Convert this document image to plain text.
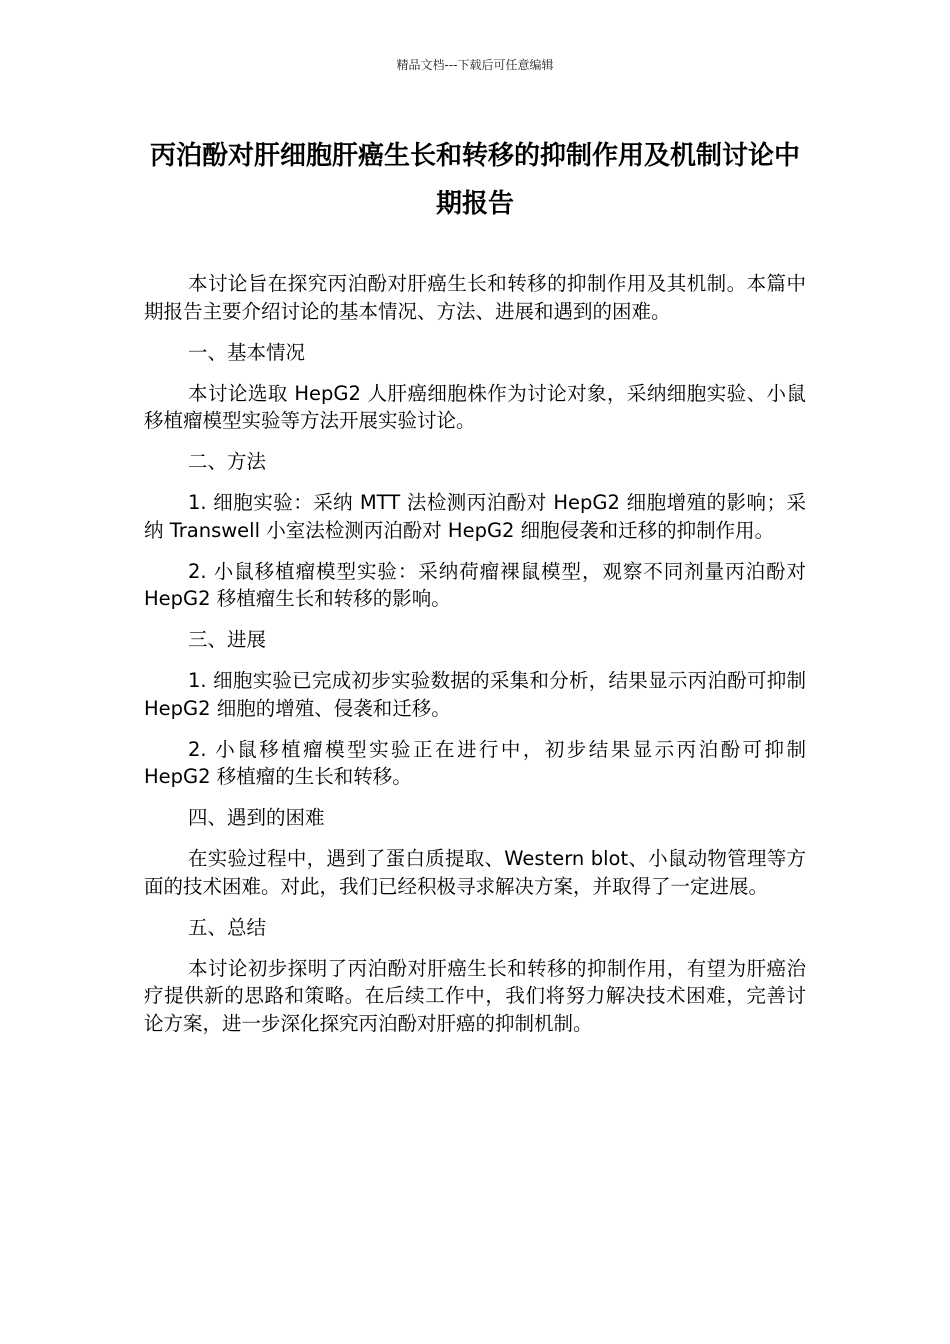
精品文档---下载后可任意编辑
丙泊酚对肝细胞肝癌生长和转移的抑制作用及机制讨论中期报告

本讨论旨在探究丙泊酚对肝癌生长和转移的抑制作用及其机制。本篇中期报告主要介绍讨论的基本情况、方法、进展和遇到的困难。

一、基本情况

本讨论选取 HepG2 人肝癌细胞株作为讨论对象，采纳细胞实验、小鼠移植瘤模型实验等方法开展实验讨论。

二、方法

1. 细胞实验：采纳 MTT 法检测丙泊酚对 HepG2 细胞增殖的影响；采纳 Transwell 小室法检测丙泊酚对 HepG2 细胞侵袭和迁移的抑制作用。

2. 小鼠移植瘤模型实验：采纳荷瘤裸鼠模型，观察不同剂量丙泊酚对 HepG2 移植瘤生长和转移的影响。

三、进展

1. 细胞实验已完成初步实验数据的采集和分析，结果显示丙泊酚可抑制 HepG2 细胞的增殖、侵袭和迁移。

2. 小鼠移植瘤模型实验正在进行中，初步结果显示丙泊酚可抑制 HepG2 移植瘤的生长和转移。

四、遇到的困难

在实验过程中，遇到了蛋白质提取、Western blot、小鼠动物管理等方面的技术困难。对此，我们已经积极寻求解决方案，并取得了一定进展。

五、总结

本讨论初步探明了丙泊酚对肝癌生长和转移的抑制作用，有望为肝癌治疗提供新的思路和策略。在后续工作中，我们将努力解决技术困难，完善讨论方案，进一步深化探究丙泊酚对肝癌的抑制机制。
